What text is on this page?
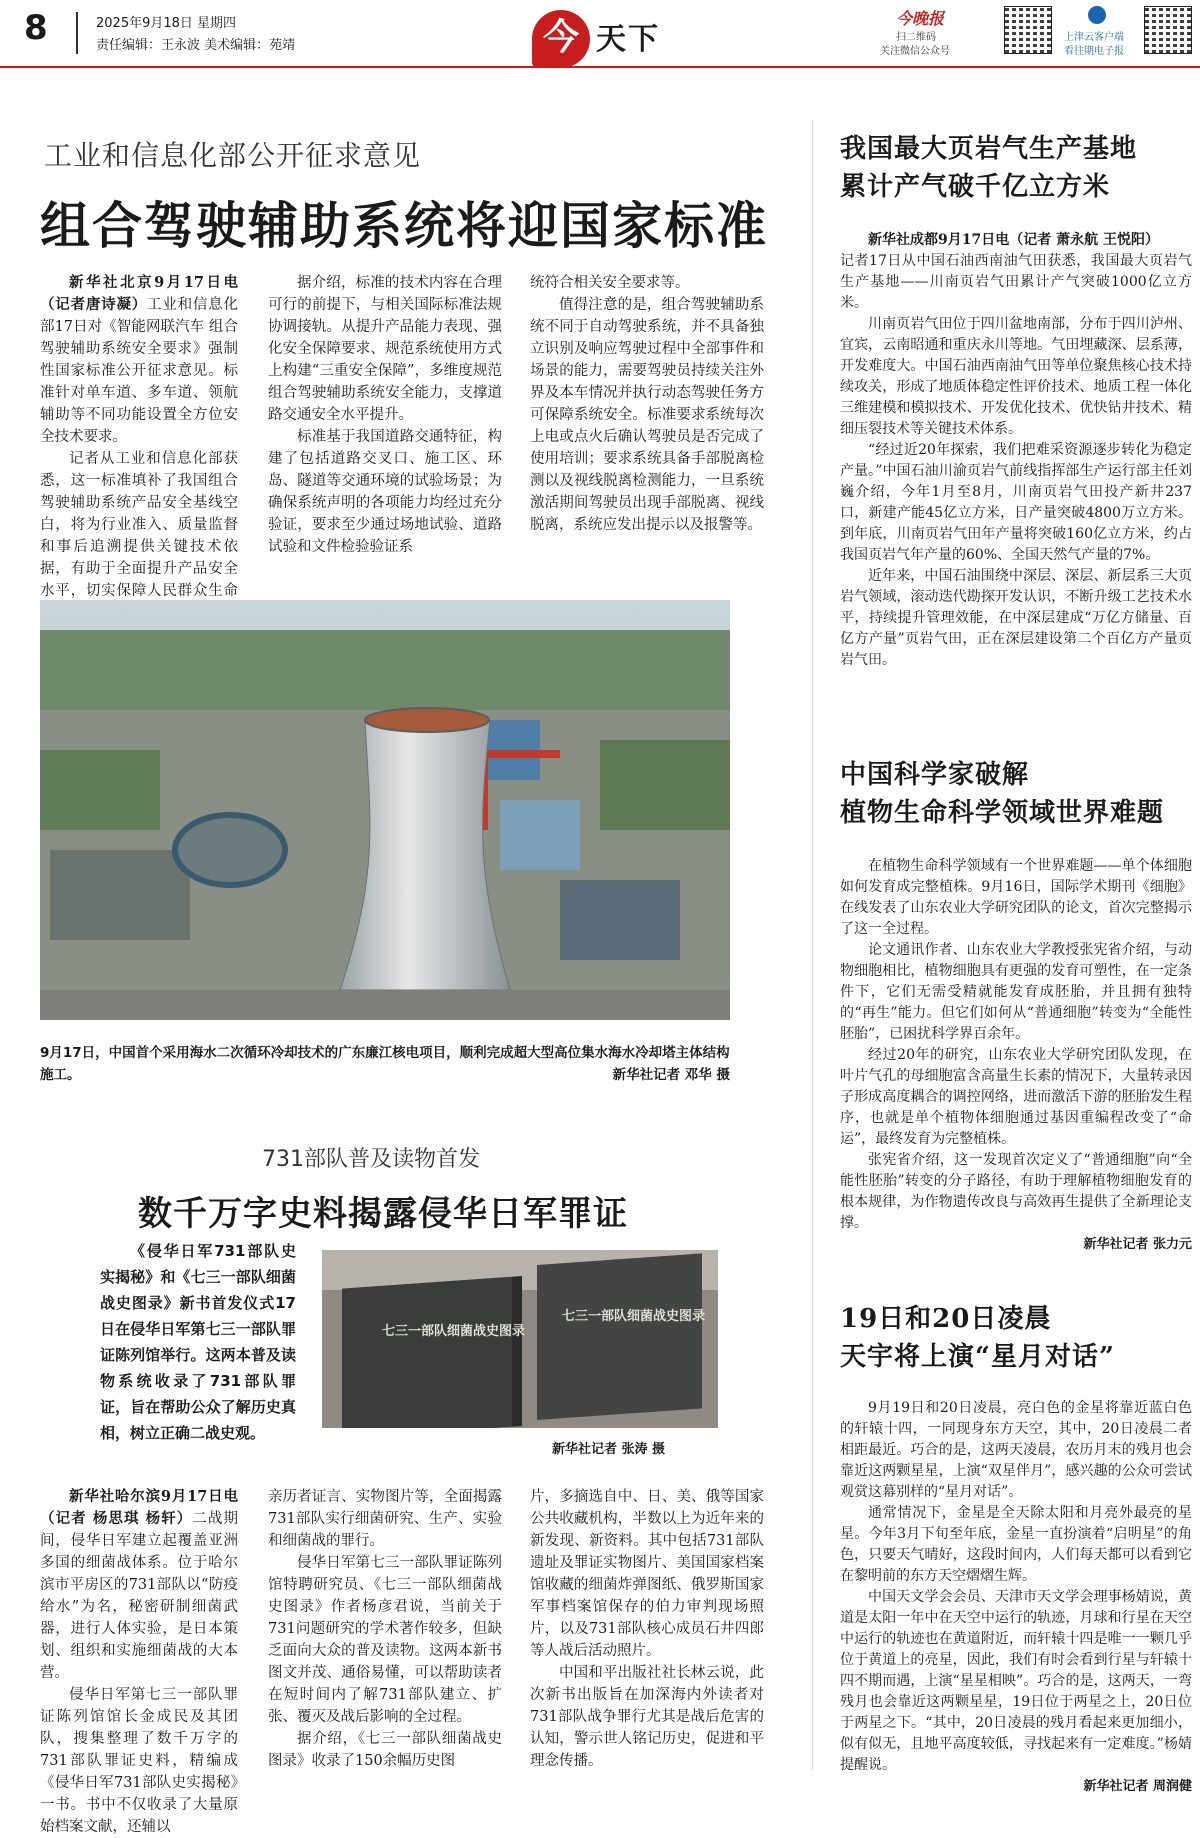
8	2025年9月18日 星期四
责任编辑：王永波 美术编辑：苑靖	今 天下
今晚报
扫二维码
关注微信公众号
上津云客户端
看往期电子报
工业和信息化部公开征求意见
组合驾驶辅助系统将迎国家标准

新华社北京9月17日电（记者唐诗凝）工业和信息化部17日对《智能网联汽车 组合驾驶辅助系统安全要求》强制性国家标准公开征求意见。标准针对单车道、多车道、领航辅助等不同功能设置全方位安全技术要求。

记者从工业和信息化部获悉，这一标准填补了我国组合驾驶辅助系统产品安全基线空白，将为行业准入、质量监督和事后追溯提供关键技术依据，有助于全面提升产品安全水平，切实保障人民群众生命

据介绍，标准的技术内容在合理可行的前提下，与相关国际标准法规协调接轨。从提升产品能力表现、强化安全保障要求、规范系统使用方式上构建“三重安全保障”，多维度规范组合驾驶辅助系统安全能力，支撑道路交通安全水平提升。

标准基于我国道路交通特征，构建了包括道路交叉口、施工区、环岛、隧道等交通环境的试验场景；为确保系统声明的各项能力均经过充分验证，要求至少通过场地试验、道路试验和文件检验验证系

统符合相关安全要求等。

值得注意的是，组合驾驶辅助系统不同于自动驾驶系统，并不具备独立识别及响应驾驶过程中全部事件和场景的能力，需要驾驶员持续关注外界及本车情况并执行动态驾驶任务方可保障系统安全。标准要求系统每次上电或点火后确认驾驶员是否完成了使用培训；要求系统具备手部脱离检测以及视线脱离检测能力，一旦系统激活期间驾驶员出现手部脱离、视线脱离，系统应发出提示以及报警等。

9月17日，中国首个采用海水二次循环冷却技术的广东廉江核电项目，顺利完成超大型高位集水海水冷却塔主体结构施工。	新华社记者 邓华 摄
731部队普及读物首发
数千万字史料揭露侵华日军罪证

《侵华日军731部队史实揭秘》和《七三一部队细菌战史图录》新书首发仪式17日在侵华日军第七三一部队罪证陈列馆举行。这两本普及读物系统收录了731部队罪证，旨在帮助公众了解历史真相，树立正确二战史观。

七三一部队细菌战史图录
七三一部队细菌战史图录
新华社记者 张涛 摄

新华社哈尔滨9月17日电（记者 杨思琪 杨轩）二战期间，侵华日军建立起覆盖亚洲多国的细菌战体系。位于哈尔滨市平房区的731部队以“防疫给水”为名，秘密研制细菌武器，进行人体实验，是日本策划、组织和实施细菌战的大本营。

侵华日军第七三一部队罪证陈列馆馆长金成民及其团队，搜集整理了数千万字的731部队罪证史料，精编成《侵华日军731部队史实揭秘》一书。书中不仅收录了大量原始档案文献，还辅以

亲历者证言、实物图片等，全面揭露731部队实行细菌研究、生产、实验和细菌战的罪行。

侵华日军第七三一部队罪证陈列馆特聘研究员、《七三一部队细菌战史图录》作者杨彦君说，当前关于731问题研究的学术著作较多，但缺乏面向大众的普及读物。这两本新书图文并茂、通俗易懂，可以帮助读者在短时间内了解731部队建立、扩张、覆灭及战后影响的全过程。

据介绍，《七三一部队细菌战史图录》收录了150余幅历史图

片，多摘选自中、日、美、俄等国家公共收藏机构，半数以上为近年来的新发现、新资料。其中包括731部队遗址及罪证实物图片、美国国家档案馆收藏的细菌炸弹图纸、俄罗斯国家军事档案馆保存的伯力审判现场照片，以及731部队核心成员石井四郎等人战后活动照片。

中国和平出版社社长林云说，此次新书出版旨在加深海内外读者对731部队战争罪行尤其是战后危害的认知，警示世人铭记历史，促进和平理念传播。

我国最大页岩气生产基地
累计产气破千亿立方米

新华社成都9月17日电（记者 萧永航 王悦阳）

记者17日从中国石油西南油气田获悉，我国最大页岩气生产基地——川南页岩气田累计产气突破1000亿立方米。

川南页岩气田位于四川盆地南部，分布于四川泸州、宜宾，云南昭通和重庆永川等地。气田埋藏深、层系薄，开发难度大。中国石油西南油气田等单位聚焦核心技术持续攻关，形成了地质体稳定性评价技术、地质工程一体化三维建模和模拟技术、开发优化技术、优快钻井技术、精细压裂技术等关键技术体系。

“经过近20年探索，我们把难采资源逐步转化为稳定产量。”中国石油川渝页岩气前线指挥部生产运行部主任刘巍介绍，今年1月至8月，川南页岩气田投产新井237口，新建产能45亿立方米，日产量突破4800万立方米。到年底，川南页岩气田年产量将突破160亿立方米，约占我国页岩气年产量的60%、全国天然气产量的7%。

近年来，中国石油围绕中深层、深层、新层系三大页岩气领域，滚动迭代勘探开发认识，不断升级工艺技术水平，持续提升管理效能，在中深层建成“万亿方储量、百亿方产量”页岩气田，正在深层建设第二个百亿方产量页岩气田。

中国科学家破解
植物生命科学领域世界难题

在植物生命科学领域有一个世界难题——单个体细胞如何发育成完整植株。9月16日，国际学术期刊《细胞》在线发表了山东农业大学研究团队的论文，首次完整揭示了这一全过程。

论文通讯作者、山东农业大学教授张宪省介绍，与动物细胞相比，植物细胞具有更强的发育可塑性，在一定条件下，它们无需受精就能发育成胚胎，并且拥有独特的“再生”能力。但它们如何从“普通细胞”转变为“全能性胚胎”，已困扰科学界百余年。

经过20年的研究，山东农业大学研究团队发现，在叶片气孔的母细胞富含高量生长素的情况下，大量转录因子形成高度耦合的调控网络，进而激活下游的胚胎发生程序，也就是单个植物体细胞通过基因重编程改变了“命运”，最终发育为完整植株。

张宪省介绍，这一发现首次定义了“普通细胞”向“全能性胚胎”转变的分子路径，有助于理解植物细胞发育的根本规律，为作物遗传改良与高效再生提供了全新理论支撑。

新华社记者 张力元
19日和20日凌晨
天宇将上演“星月对话”

9月19日和20日凌晨，亮白色的金星将靠近蓝白色的轩辕十四，一同现身东方天空，其中，20日凌晨二者相距最近。巧合的是，这两天凌晨，农历月末的残月也会靠近这两颗星星，上演“双星伴月”，感兴趣的公众可尝试观赏这幕别样的“星月对话”。

通常情况下，金星是全天除太阳和月亮外最亮的星星。今年3月下旬至年底，金星一直扮演着“启明星”的角色，只要天气晴好，这段时间内，人们每天都可以看到它在黎明前的东方天空熠熠生辉。

中国天文学会会员、天津市天文学会理事杨婧说，黄道是太阳一年中在天空中运行的轨迹，月球和行星在天空中运行的轨迹也在黄道附近，而轩辕十四是唯一一颗几乎位于黄道上的亮星，因此，我们有时会看到行星与轩辕十四不期而遇，上演“星星相映”。巧合的是，这两天，一弯残月也会靠近这两颗星星，19日位于两星之上，20日位于两星之下。“其中，20日凌晨的残月看起来更加细小，似有似无，且地平高度较低，寻找起来有一定难度。”杨婧提醒说。

新华社记者 周润健
